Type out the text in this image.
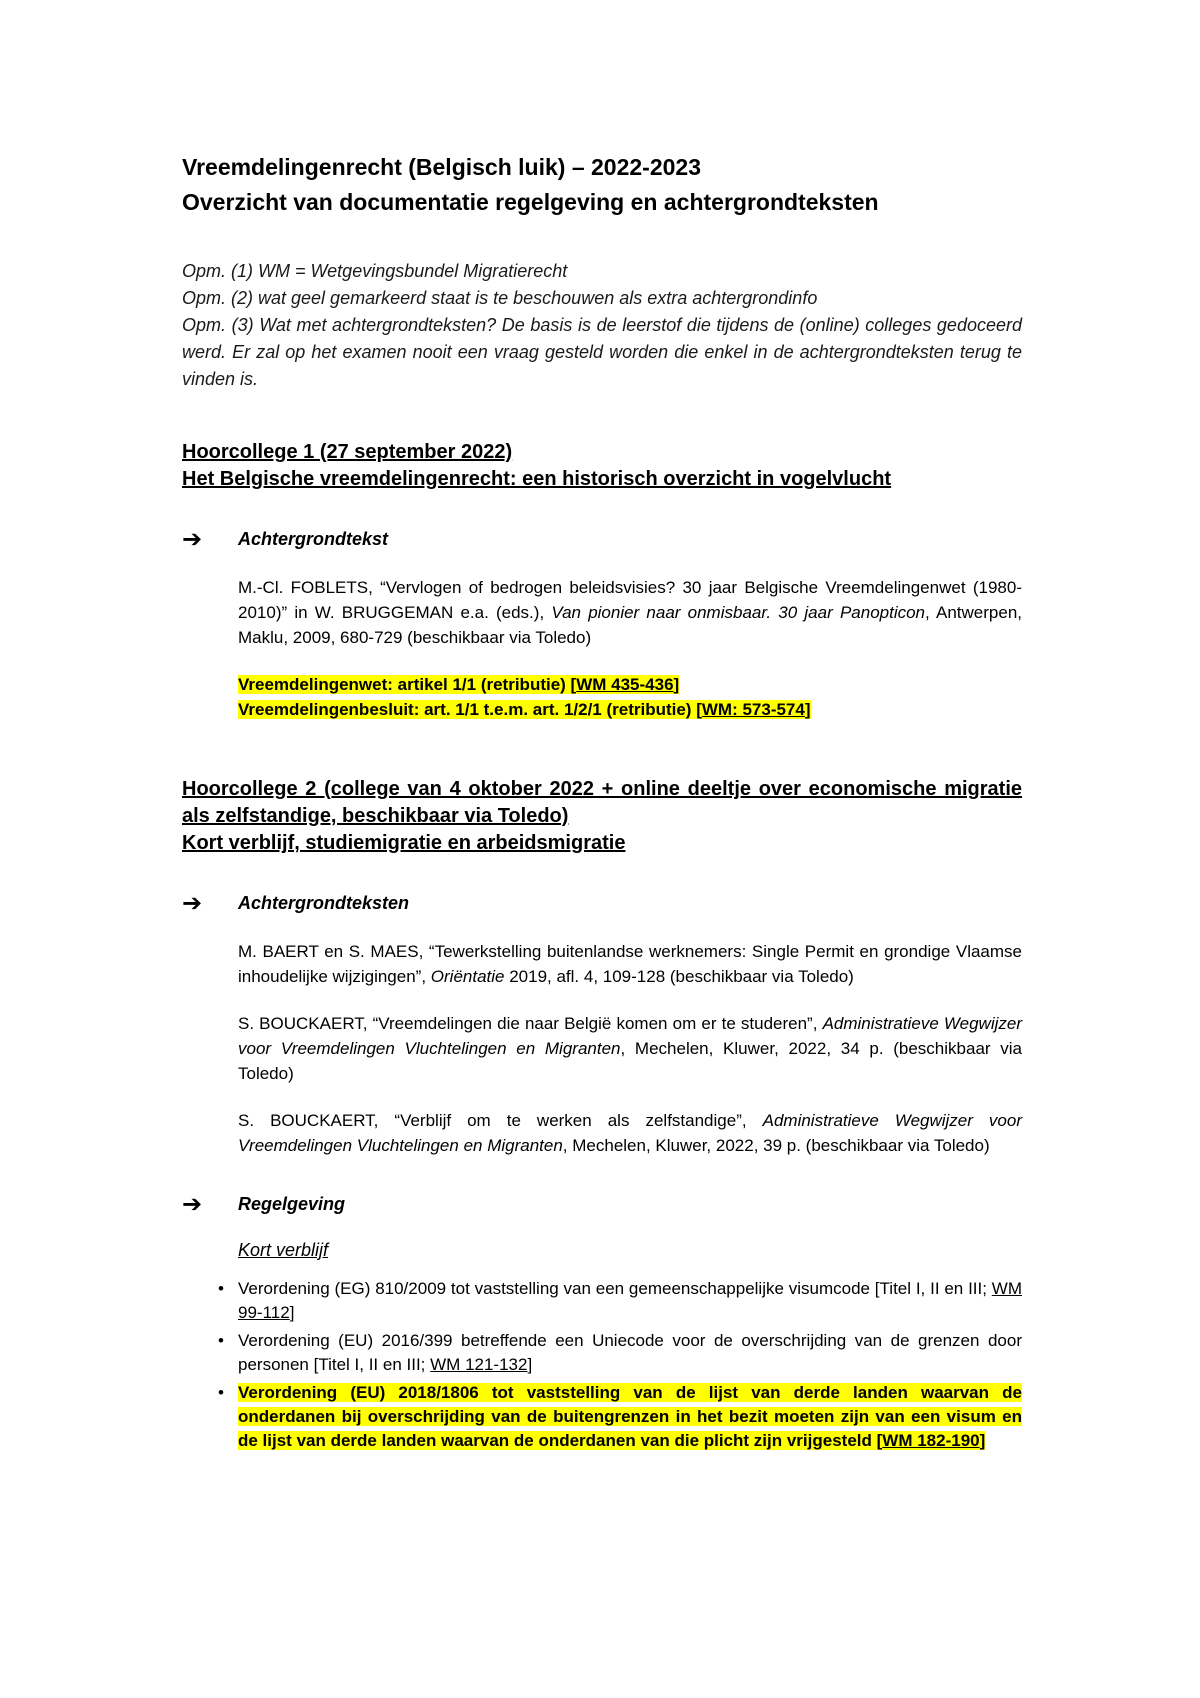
Vreemdelingenrecht (Belgisch luik) – 2022-2023

Overzicht van documentatie regelgeving en achtergrondteksten

Opm. (1) WM = Wetgevingsbundel Migratierecht

Opm. (2) wat geel gemarkeerd staat is te beschouwen als extra achtergrondinfo

Opm. (3) Wat met achtergrondteksten? De basis is de leerstof die tijdens de (online) colleges gedoceerd werd. Er zal op het examen nooit een vraag gesteld worden die enkel in de achtergrondteksten terug te vinden is.

Hoorcollege 1 (27 september 2022)

Het Belgische vreemdelingenrecht: een historisch overzicht in vogelvlucht

➔	Achtergrondtekst

M.-Cl. FOBLETS, “Vervlogen of bedrogen beleidsvisies? 30 jaar Belgische Vreemdelingenwet (1980-2010)” in W. BRUGGEMAN e.a. (eds.), Van pionier naar onmisbaar. 30 jaar Panopticon, Antwerpen, Maklu, 2009, 680-729 (beschikbaar via Toledo)

Vreemdelingenwet: artikel 1/1 (retributie) [WM 435-436]
Vreemdelingenbesluit: art. 1/1 t.e.m. art. 1/2/1 (retributie) [WM: 573-574]

Hoorcollege 2 (college van 4 oktober 2022 + online deeltje over economische migratie als zelfstandige, beschikbaar via Toledo)

Kort verblijf, studiemigratie en arbeidsmigratie

➔	Achtergrondteksten

M. BAERT en S. MAES, “Tewerkstelling buitenlandse werknemers: Single Permit en grondige Vlaamse inhoudelijke wijzigingen”, Oriëntatie 2019, afl. 4, 109-128 (beschikbaar via Toledo)

S. BOUCKAERT, “Vreemdelingen die naar België komen om er te studeren”, Administratieve Wegwijzer voor Vreemdelingen Vluchtelingen en Migranten, Mechelen, Kluwer, 2022, 34 p. (beschikbaar via Toledo)

S. BOUCKAERT, “Verblijf om te werken als zelfstandige”, Administratieve Wegwijzer voor Vreemdelingen Vluchtelingen en Migranten, Mechelen, Kluwer, 2022, 39 p. (beschikbaar via Toledo)

➔	Regelgeving
Kort verblijf
• Verordening (EG) 810/2009 tot vaststelling van een gemeenschappelijke visumcode [Titel I, II en III; WM 99-112]
• Verordening (EU) 2016/399 betreffende een Uniecode voor de overschrijding van de grenzen door personen [Titel I, II en III; WM 121-132]
• Verordening (EU) 2018/1806 tot vaststelling van de lijst van derde landen waarvan de onderdanen bij overschrijding van de buitengrenzen in het bezit moeten zijn van een visum en de lijst van derde landen waarvan de onderdanen van die plicht zijn vrijgesteld [WM 182-190]
